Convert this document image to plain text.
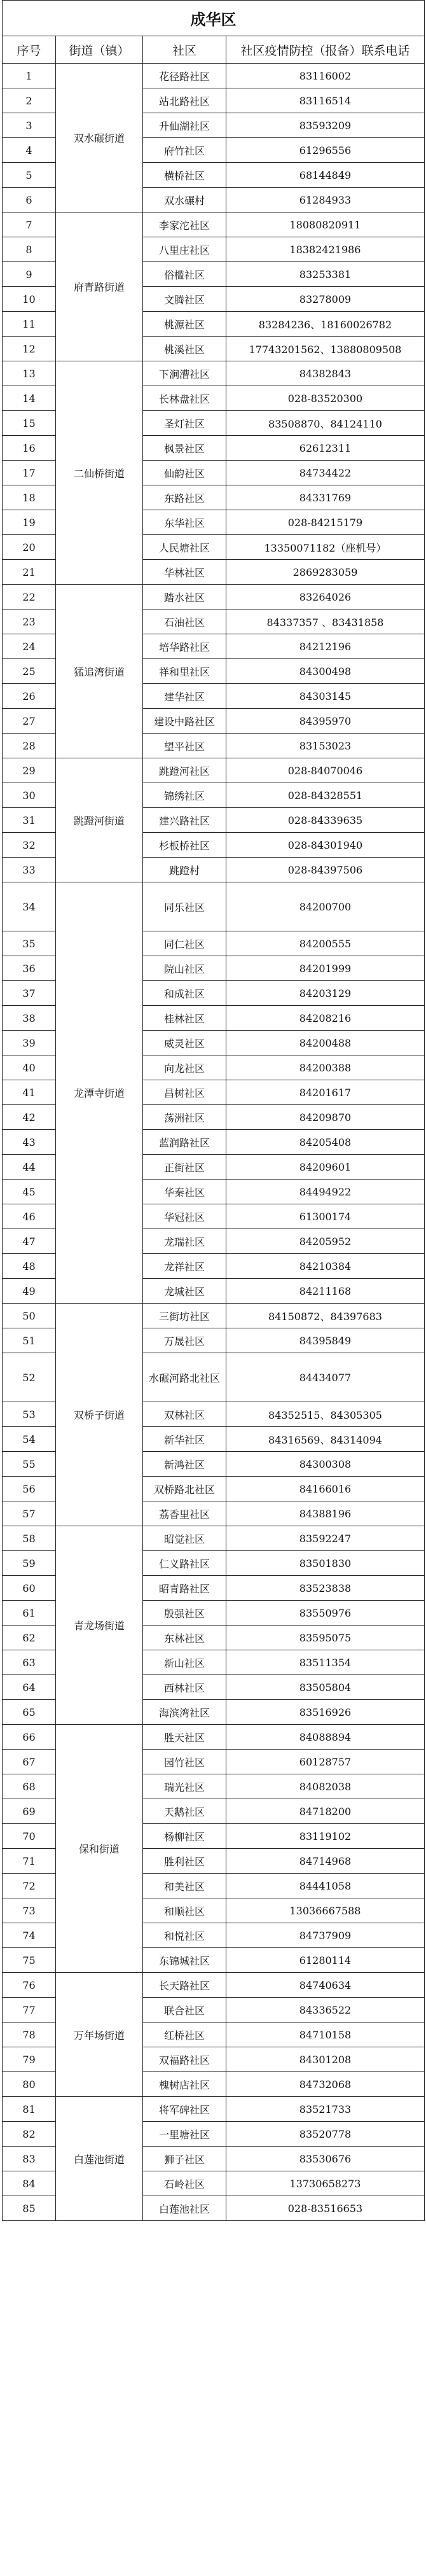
成华区			
序号	街道（镇）	社区	社区疫情防控（报备）联系电话
1	双水碾街道	花径路社区	83116002
2		站北路社区	83116514
3		升仙湖社区	83593209
4		府竹社区	61296556
5		横桥社区	68144849
6		双水碾村	61284933
7	府青路街道	李家沱社区	18080820911
8		八里庄社区	18382421986
9		俗槛社区	83253381
10		文腾社区	83278009
11		桃源社区	83284236、18160026782
12		桃溪社区	17743201562、13880809508
13	二仙桥街道	下涧漕社区	84382843
14		长林盘社区	028-83520300
15		圣灯社区	83508870、84124110
16		枫景社区	62612311
17		仙韵社区	84734422
18		东路社区	84331769
19		东华社区	028-84215179
20		人民塘社区	13350071182（座机号）
21		华林社区	2869283059
22	猛追湾街道	踏水社区	83264026
23		石油社区	84337357 、83431858
24		培华路社区	84212196
25		祥和里社区	84300498
26		建华社区	84303145
27		建设中路社区	84395970
28		望平社区	83153023
29	跳蹬河街道	跳蹬河社区	028-84070046
30		锦绣社区	028-84328551
31		建兴路社区	028-84339635
32		杉板桥社区	028-84301940
33		跳蹬村	028-84397506
34	龙潭寺街道	同乐社区	84200700
35		同仁社区	84200555
36		院山社区	84201999
37		和成社区	84203129
38		桂林社区	84208216
39		威灵社区	84200488
40		向龙社区	84200388
41		昌树社区	84201617
42		荡洲社区	84209870
43		蓝润路社区	84205408
44		正街社区	84209601
45		华秦社区	84494922
46		华冠社区	61300174
47		龙瑞社区	84205952
48		龙祥社区	84210384
49		龙城社区	84211168
50	双桥子街道	三街坊社区	84150872、84397683
51		万晟社区	84395849
52		水碾河路北社区	84434077
53		双林社区	84352515、84305305
54		新华社区	84316569、84314094
55		新鸿社区	84300308
56		双桥路北社区	84166016
57		荔香里社区	84388196
58	青龙场街道	昭觉社区	83592247
59		仁义路社区	83501830
60		昭青路社区	83523838
61		殷强社区	83550976
62		东林社区	83595075
63		新山社区	83511354
64		西林社区	83505804
65		海滨湾社区	83516926
66	保和街道	胜天社区	84088894
67		园竹社区	60128757
68		瑞光社区	84082038
69		天鹅社区	84718200
70		杨柳社区	83119102
71		胜利社区	84714968
72		和美社区	84441058
73		和顺社区	13036667588
74		和悦社区	84737909
75		东锦城社区	61280114
76	万年场街道	长天路社区	84740634
77		联合社区	84336522
78		红桥社区	84710158
79		双福路社区	84301208
80		槐树店社区	84732068
81	白莲池街道	将军碑社区	83521733
82		一里塘社区	83520778
83		狮子社区	83530676
84		石岭社区	13730658273
85		白莲池社区	028-83516653
